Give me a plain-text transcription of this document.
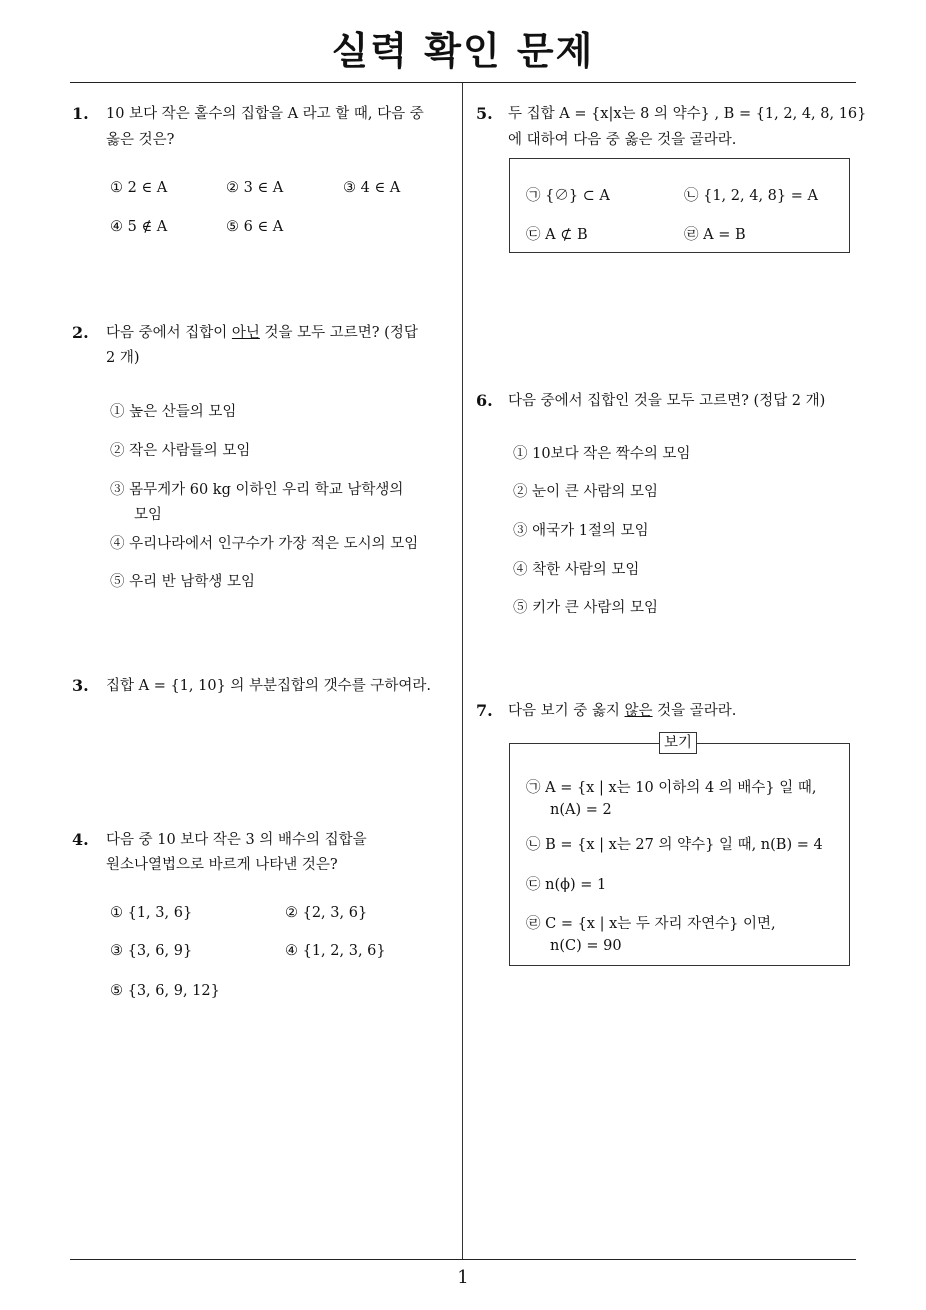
실력 확인 문제
1. 10 보다 작은 홀수의 집합을 A 라고 할 때, 다음 중
옳은 것은?
① 2 ∈ A	② 3 ∈ A	③ 4 ∈ A
④ 5 ∉ A	⑤ 6 ∈ A
2. 다음 중에서 집합이 아닌 것을 모두 고르면? (정답
2 개)
① 높은 산들의 모임
② 작은 사람들의 모임
③ 몸무게가 60 kg 이하인 우리 학교 남학생의
모임
④ 우리나라에서 인구수가 가장 적은 도시의 모임
⑤ 우리 반 남학생 모임
3. 집합 A = {1, 10} 의 부분집합의 갯수를 구하여라.
4. 다음 중 10 보다 작은 3 의 배수의 집합을
원소나열법으로 바르게 나타낸 것은?
① {1, 3, 6}	② {2, 3, 6}
③ {3, 6, 9}	④ {1, 2, 3, 6}
⑤ {3, 6, 9, 12}
5. 두 집합 A = {x|x는 8 의 약수} , B = {1, 2, 4, 8, 16}
에 대하여 다음 중 옳은 것을 골라라.
㉠ {∅} ⊂ A	㉡ {1, 2, 4, 8} = A
㉢ A ⊄ B	㉣ A = B
6. 다음 중에서 집합인 것을 모두 고르면? (정답 2 개)
① 10보다 작은 짝수의 모임
② 눈이 큰 사람의 모임
③ 애국가 1절의 모임
④ 착한 사람의 모임
⑤ 키가 큰 사람의 모임
7. 다음 보기 중 옳지 않은 것을 골라라.
보기
㉠ A = {x | x는 10 이하의 4 의 배수} 일 때,
n(A) = 2
㉡ B = {x | x는 27 의 약수} 일 때, n(B) = 4
㉢ n(ϕ) = 1
㉣ C = {x | x는 두 자리 자연수} 이면,
n(C) = 90
1
